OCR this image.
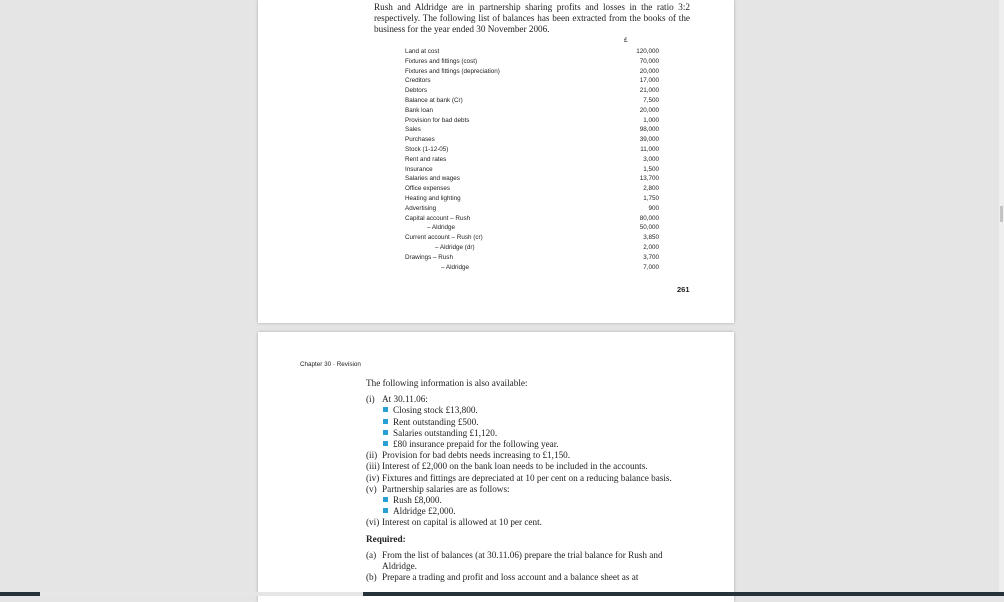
Rush and Aldridge are in partnership sharing profits and losses in the ratio 3:2 respectively. The following list of balances has been extracted from the books of the business for the year ended 30 November 2006.
£
Land at cost	120,000
Fixtures and fittings (cost)	70,000
Fixtures and fittings (depreciation)	20,000
Creditors	17,000
Debtors	21,000
Balance at bank (Cr)	7,500
Bank loan	20,000
Provision for bad debts	1,000
Sales	98,000
Purchases	39,000
Stock (1-12-05)	11,000
Rent and rates	3,000
Insurance	1,500
Salaries and wages	13,700
Office expenses	2,800
Heating and lighting	1,750
Advertising	900
Capital account – Rush	80,000
– Aldridge	50,000
Current account – Rush (cr)	3,850
– Aldridge (dr)	2,000
Drawings – Rush	3,700
– Aldridge	7,000
261
Chapter 30 · Revision
The following information is also available:
(i) At 30.11.06:
Closing stock £13,800.
Rent outstanding £500.
Salaries outstanding £1,120.
£80 insurance prepaid for the following year.
(ii) Provision for bad debts needs increasing to £1,150.
(iii) Interest of £2,000 on the bank loan needs to be included in the accounts.
(iv) Fixtures and fittings are depreciated at 10 per cent on a reducing balance basis.
(v) Partnership salaries are as follows:
Rush £8,000.
Aldridge £2,000.
(vi) Interest on capital is allowed at 10 per cent.
Required:
(a) From the list of balances (at 30.11.06) prepare the trial balance for Rush and Aldridge.
(b) Prepare a trading and profit and loss account and a balance sheet as at
